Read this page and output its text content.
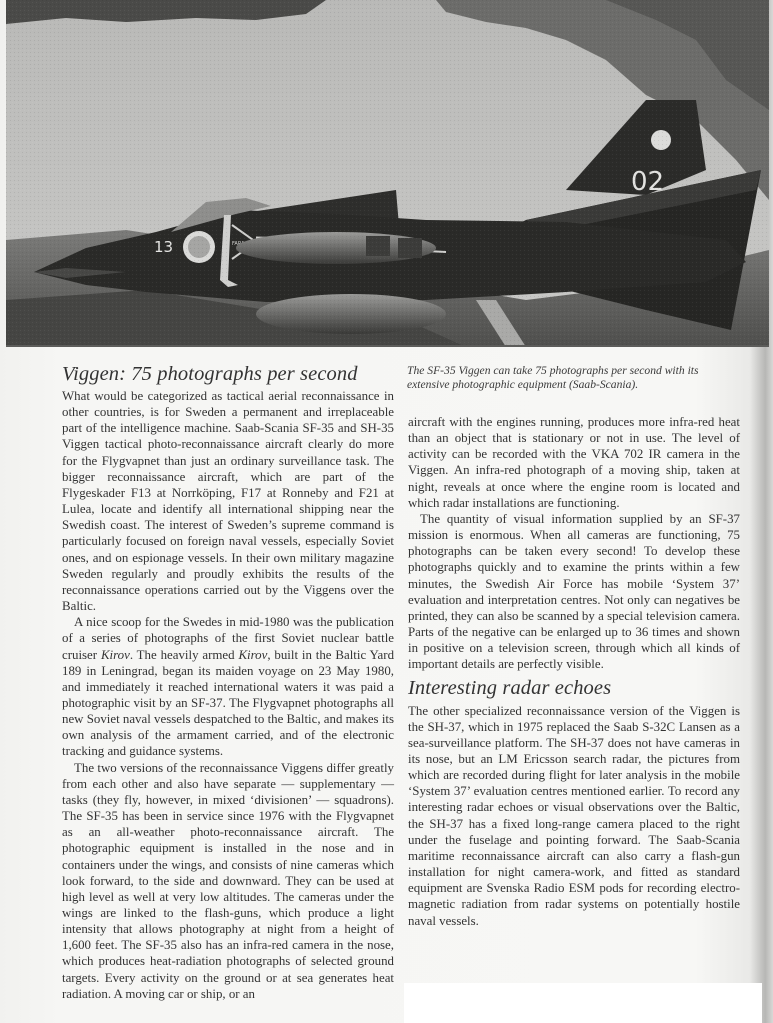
The SF-35 Viggen can take 75 photographs per second with its extensive photographic equipment (Saab-Scania).
Viggen: 75 photographs per second

What would be categorized as tactical aerial reconnaissance in other countries, is for Sweden a permanent and irreplaceable part of the intelligence machine. Saab-Scania SF-35 and SH-35 Viggen tactical photo-reconnaissance aircraft clearly do more for the Flygvapnet than just an ordinary surveillance task. The bigger reconnaissance aircraft, which are part of the Flygeskader F13 at Norrköping, F17 at Ronneby and F21 at Lulea, locate and identify all international shipping near the Swedish coast. The interest of Sweden’s supreme command is particularly focused on foreign naval vessels, especially Soviet ones, and on espionage vessels. In their own military magazine Sweden regularly and proudly exhibits the results of the reconnaissance operations carried out by the Viggens over the Baltic.

A nice scoop for the Swedes in mid-1980 was the publication of a series of photographs of the first Soviet nuclear battle cruiser Kirov. The heavily armed Kirov, built in the Baltic Yard 189 in Leningrad, began its maiden voyage on 23 May 1980, and immediately it reached international waters it was paid a photographic visit by an SF-37. The Flygvapnet photographs all new Soviet naval vessels despatched to the Baltic, and makes its own analysis of the armament carried, and of the electronic tracking and guidance systems.

The two versions of the reconnaissance Viggens differ greatly from each other and also have separate — supplementary — tasks (they fly, however, in mixed ‘divisionen’ — squadrons). The SF-35 has been in service since 1976 with the Flygvapnet as an all-weather photo-reconnaissance aircraft. The photographic equipment is installed in the nose and in containers under the wings, and consists of nine cameras which look forward, to the side and downward. They can be used at high level as well at very low altitudes. The cameras under the wings are linked to the flash-guns, which produce a light intensity that allows photography at night from a height of 1,600 feet. The SF-35 also has an infra-red camera in the nose, which produces heat-radiation photographs of selected ground targets. Every activity on the ground or at sea generates heat radiation. A moving car or ship, or an

aircraft with the engines running, produces more infra-red heat than an object that is stationary or not in use. The level of activity can be recorded with the VKA 702 IR camera in the Viggen. An infra-red photograph of a moving ship, taken at night, reveals at once where the engine room is located and which radar installations are functioning.

The quantity of visual information supplied by an SF-37 mission is enormous. When all cameras are functioning, 75 photographs can be taken every second! To develop these photographs quickly and to examine the prints within a few minutes, the Swedish Air Force has mobile ‘System 37’ evaluation and interpretation centres. Not only can negatives be printed, they can also be scanned by a special television camera. Parts of the negative can be enlarged up to 36 times and shown in positive on a television screen, through which all kinds of important details are perfectly visible.

Interesting radar echoes

The other specialized reconnaissance version of the Viggen is the SH-37, which in 1975 replaced the Saab S-32C Lansen as a sea-surveillance platform. The SH-37 does not have cameras in its nose, but an LM Ericsson search radar, the pictures from which are recorded during flight for later analysis in the mobile ‘System 37’ evaluation centres mentioned earlier. To record any interesting radar echoes or visual observations over the Baltic, the SH-37 has a fixed long-range camera placed to the right under the fuselage and pointing forward. The Saab-Scania maritime reconnaissance aircraft can also carry a flash-gun installation for night camera-work, and fitted as standard equipment are Svenska Radio ESM pods for recording electro-magnetic radiation from radar systems on potentially hostile naval vessels.
